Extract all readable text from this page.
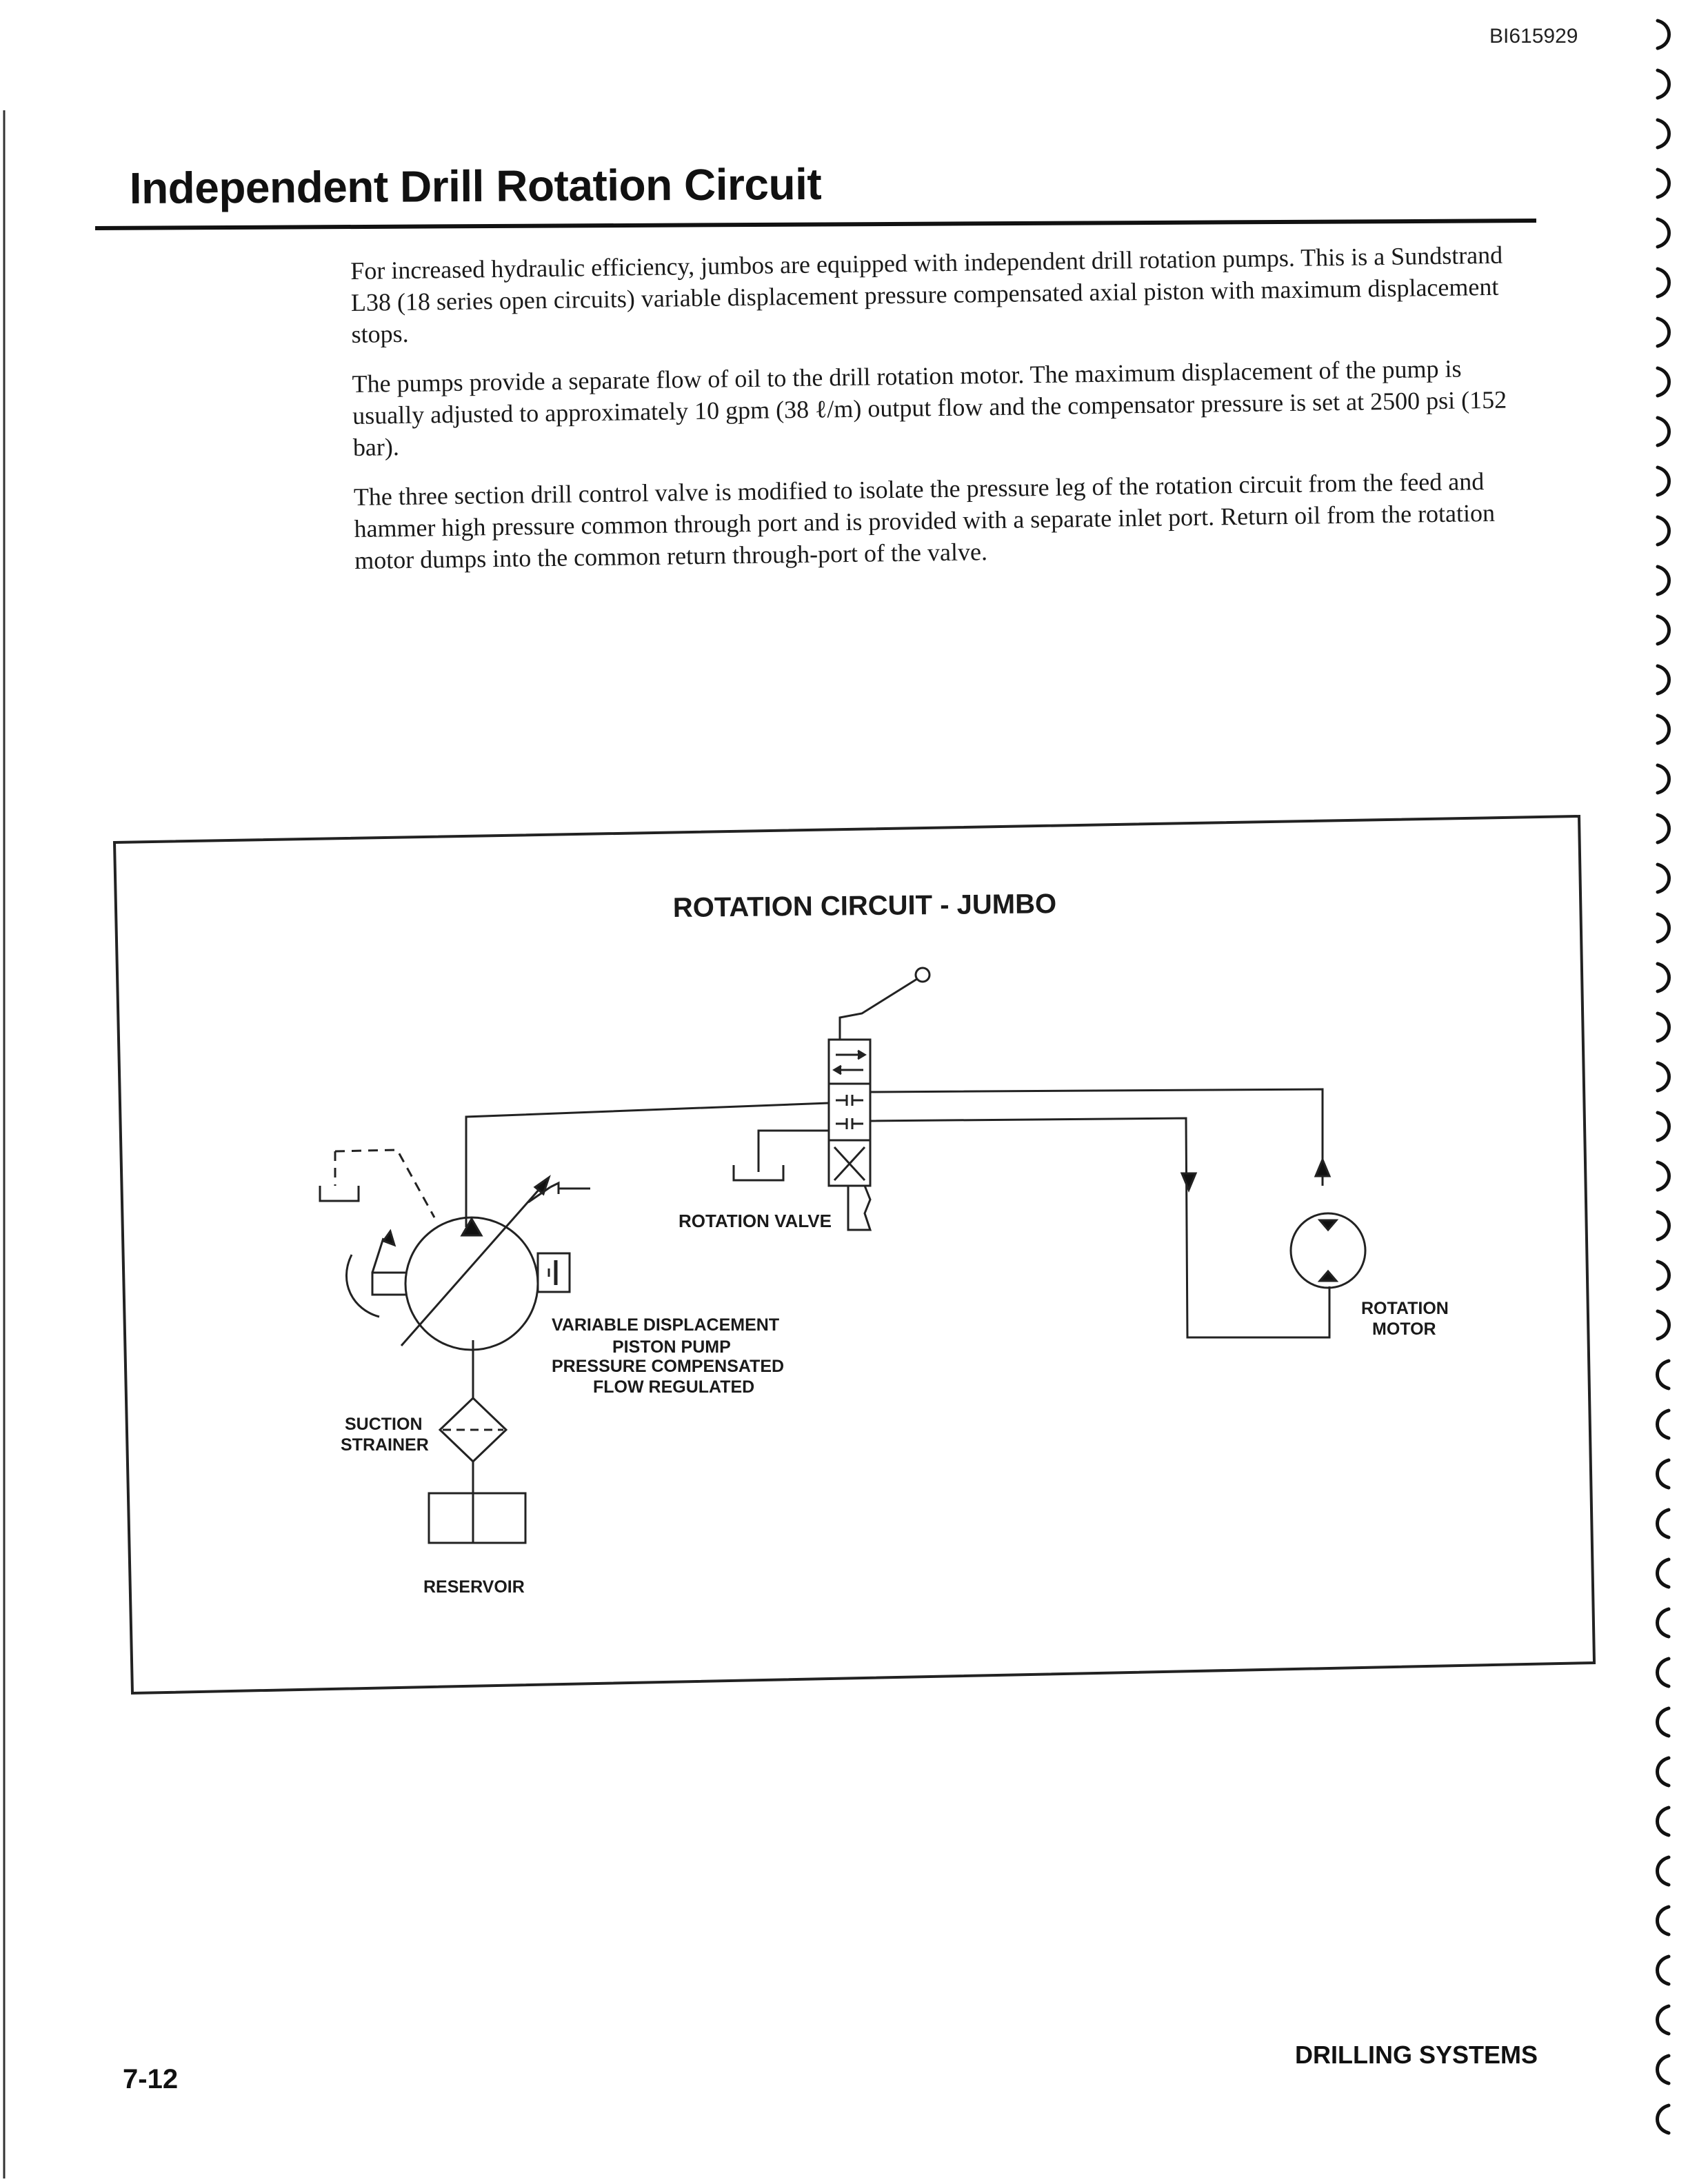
BI615929
Independent Drill Rotation Circuit

For increased hydraulic efficiency, jumbos are equipped with independent drill rotation pumps. This is a Sundstrand L38 (18 series open circuits) variable displacement pressure compensated axial piston with maximum displacement stops.

The pumps provide a separate flow of oil to the drill rotation motor. The maximum displacement of the pump is usually adjusted to approximately 10 gpm (38 ℓ/m) output flow and the compensator pressure is set at 2500 psi (152 bar).

The three section drill control valve is modified to isolate the pressure leg of the rotation circuit from the feed and hammer high pressure common through port and is provided with a separate inlet port. Return oil from the rotation motor dumps into the common return through-port of the valve.

ROTATION CIRCUIT - JUMBO
ROTATION VALVE
VARIABLE DISPLACEMENT
PISTON PUMP
PRESSURE COMPENSATED
FLOW REGULATED
ROTATION
MOTOR
SUCTION
STRAINER
RESERVOIR
7-12
DRILLING SYSTEMS
